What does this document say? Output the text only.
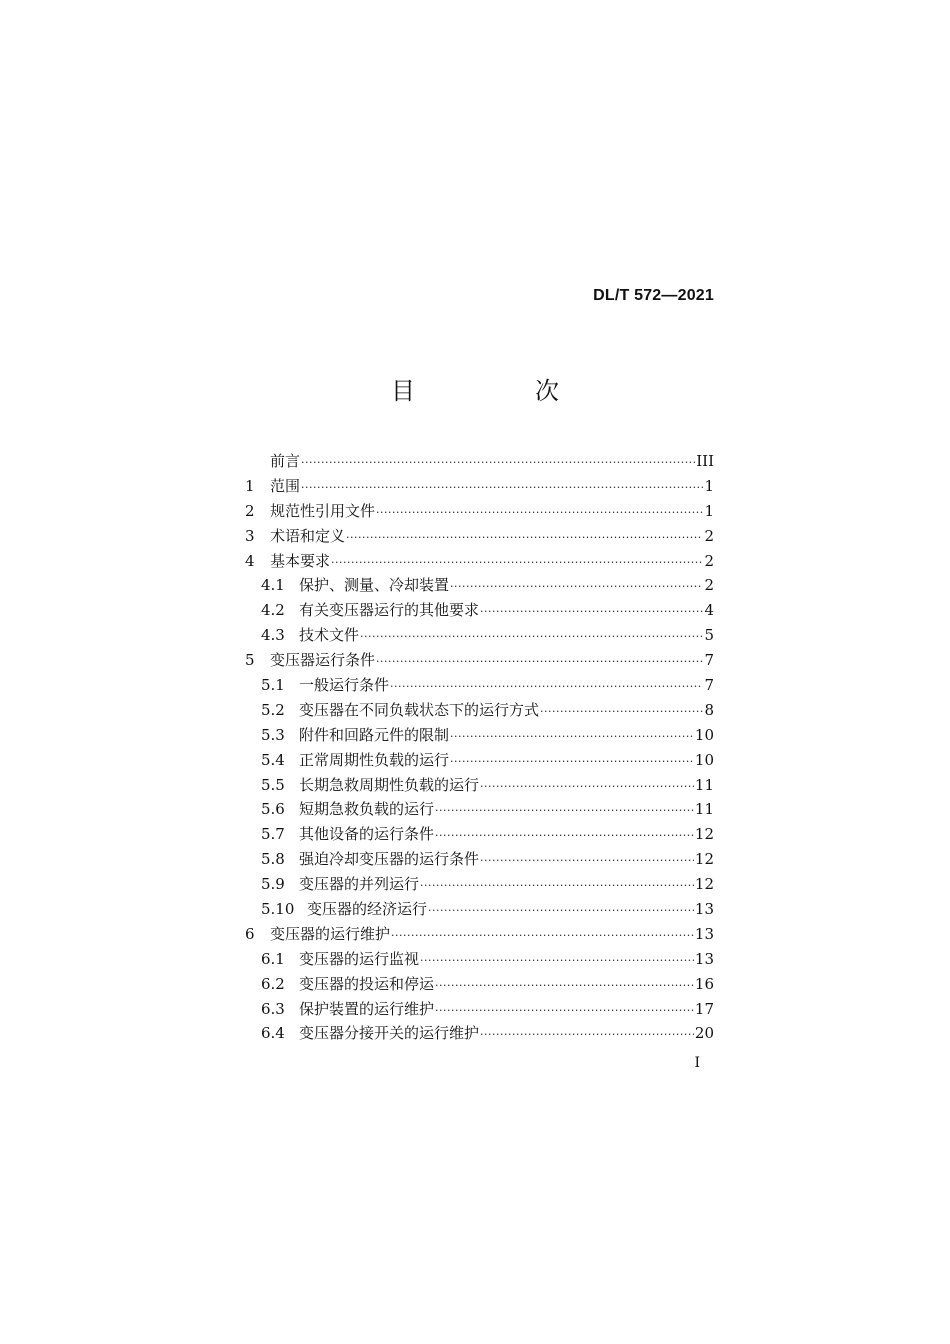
DL/T 572—2021
目　次
前言 ·····	III
1	范围 ·····	1
2	规范性引用文件 ·····	1
3	术语和定义 ·····	2
4	基本要求 ·····	2
4.1 保护、测量、冷却装置 ·····	2
4.2 有关变压器运行的其他要求 ·····	4
4.3 技术文件 ·····	5
5	变压器运行条件 ·····	7
5.1 一般运行条件 ·····	7
5.2 变压器在不同负载状态下的运行方式 ·····	8
5.3 附件和回路元件的限制 ·····	10
5.4 正常周期性负载的运行 ·····	10
5.5 长期急救周期性负载的运行 ·····	11
5.6 短期急救负载的运行 ·····	11
5.7 其他设备的运行条件 ·····	12
5.8 强迫冷却变压器的运行条件 ·····	12
5.9 变压器的并列运行 ·····	12
5.10 变压器的经济运行 ·····	13
6	变压器的运行维护 ·····	13
6.1 变压器的运行监视 ·····	13
6.2 变压器的投运和停运 ·····	16
6.3 保护装置的运行维护 ·····	17
6.4 变压器分接开关的运行维护 ·····	20
I
